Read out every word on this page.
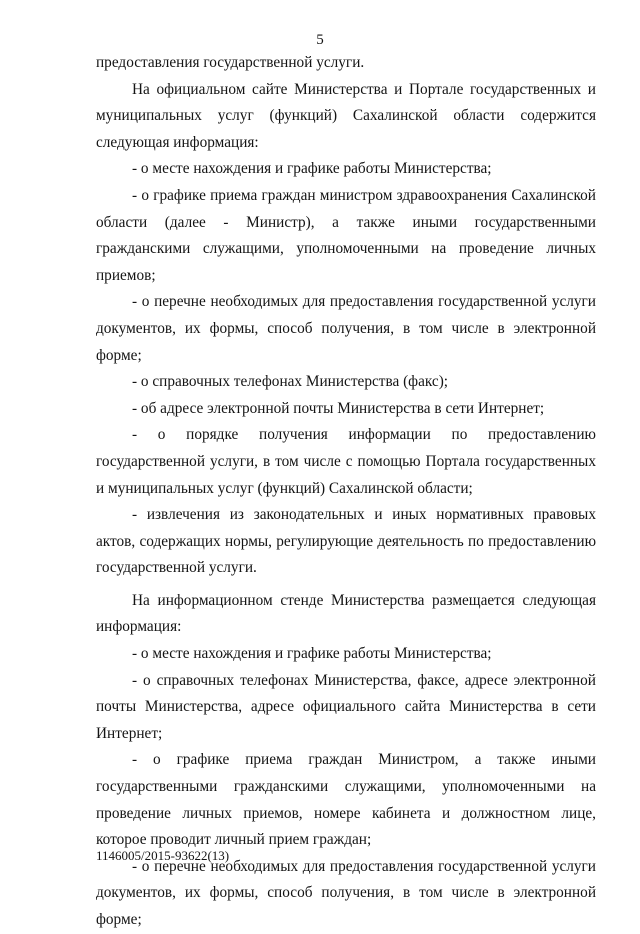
5

предоставления государственной услуги.

На официальном сайте Министерства и Портале государственных и муниципальных услуг (функций) Сахалинской области содержится следующая информация:

- о месте нахождения и графике работы Министерства;

- о графике приема граждан министром здравоохранения Сахалинской области (далее - Министр), а также иными государственными гражданскими служащими, уполномоченными на проведение личных приемов;

- о перечне необходимых для предоставления государственной услуги документов, их формы, способ получения, в том числе в электронной форме;

- о справочных телефонах Министерства (факс);

- об адресе электронной почты Министерства в сети Интернет;

- о порядке получения информации по предоставлению государственной услуги, в том числе с помощью Портала государственных и муниципальных услуг (функций) Сахалинской области;

- извлечения из законодательных и иных нормативных правовых актов, содержащих нормы, регулирующие деятельность по предоставлению государственной услуги.

На информационном стенде Министерства размещается следующая информация:

- о месте нахождения и графике работы Министерства;

- о справочных телефонах Министерства, факсе, адресе электронной почты Министерства, адресе официального сайта Министерства в сети Интернет;

- о графике приема граждан Министром, а также иными государственными гражданскими служащими, уполномоченными на проведение личных приемов, номере кабинета и должностном лице, которое проводит личный прием граждан;

- о перечне необходимых для предоставления государственной услуги документов, их формы, способ получения, в том числе в электронной форме;

1146005/2015-93622(13)
